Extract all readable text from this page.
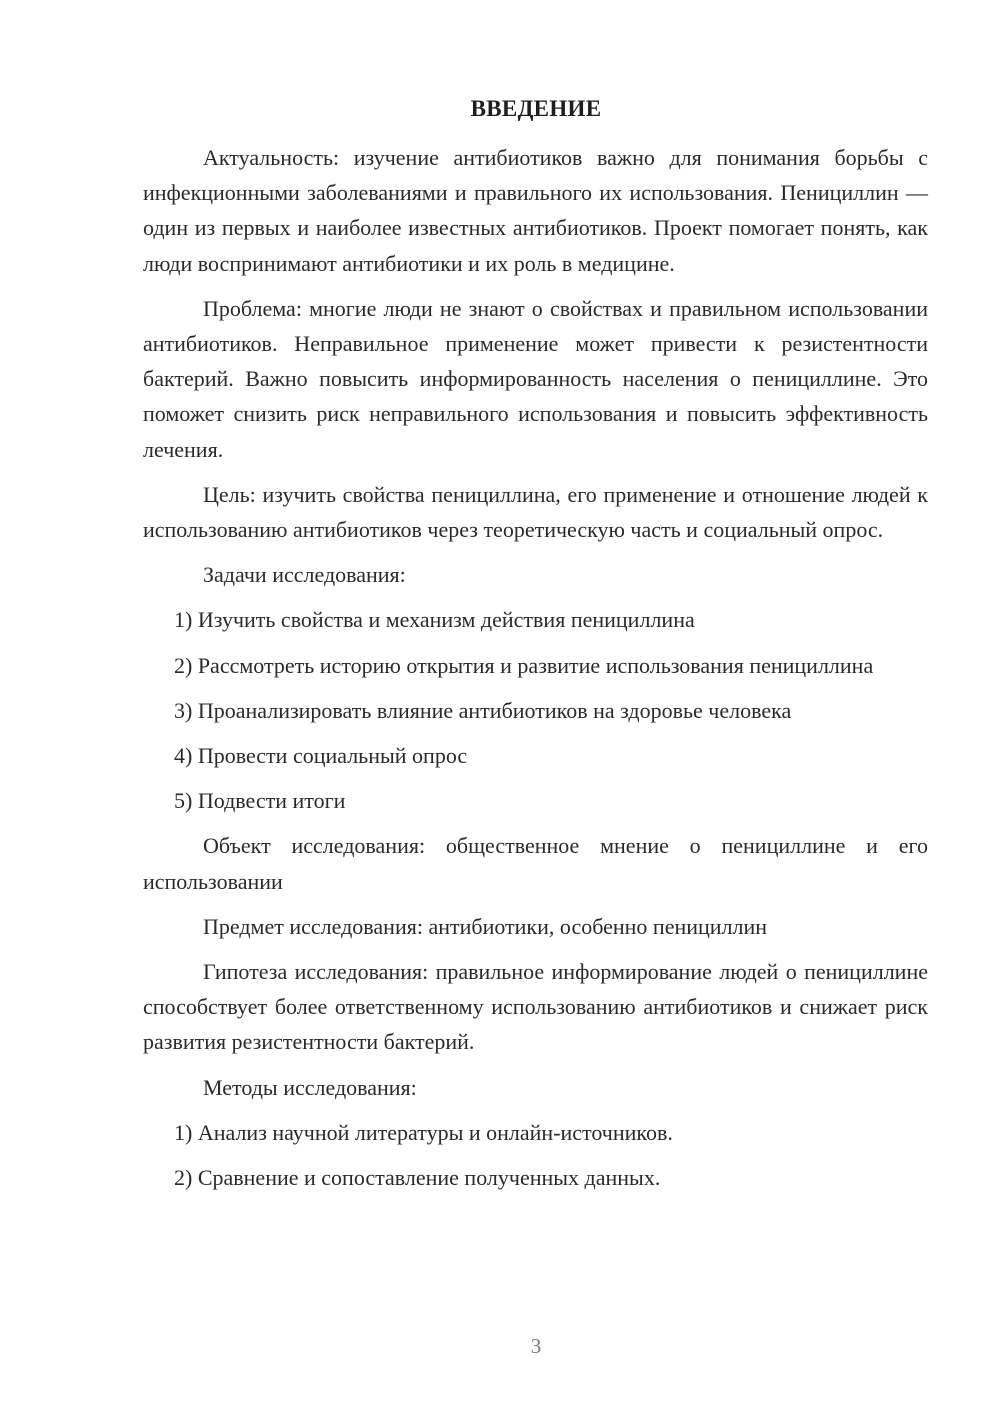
ВВЕДЕНИЕ

Актуальность: изучение антибиотиков важно для понимания борьбы с инфекционными заболеваниями и правильного их использования. Пенициллин — один из первых и наиболее известных антибиотиков. Проект помогает понять, как люди воспринимают антибиотики и их роль в медицине.

Проблема: многие люди не знают о свойствах и правильном использовании антибиотиков. Неправильное применение может привести к резистентности бактерий. Важно повысить информированность населения о пенициллине. Это поможет снизить риск неправильного использования и повысить эффективность лечения.

Цель: изучить свойства пенициллина, его применение и отношение людей к использованию антибиотиков через теоретическую часть и социальный опрос.

Задачи исследования:

1) Изучить свойства и механизм действия пенициллина

2) Рассмотреть историю открытия и развитие использования пенициллина

3) Проанализировать влияние антибиотиков на здоровье человека

4) Провести социальный опрос

5) Подвести итоги

Объект исследования: общественное мнение о пенициллине и его использовании

Предмет исследования: антибиотики, особенно пенициллин

Гипотеза исследования: правильное информирование людей о пенициллине способствует более ответственному использованию антибиотиков и снижает риск развития резистентности бактерий.

Методы исследования:

1) Анализ научной литературы и онлайн-источников.

2) Сравнение и сопоставление полученных данных.

3
